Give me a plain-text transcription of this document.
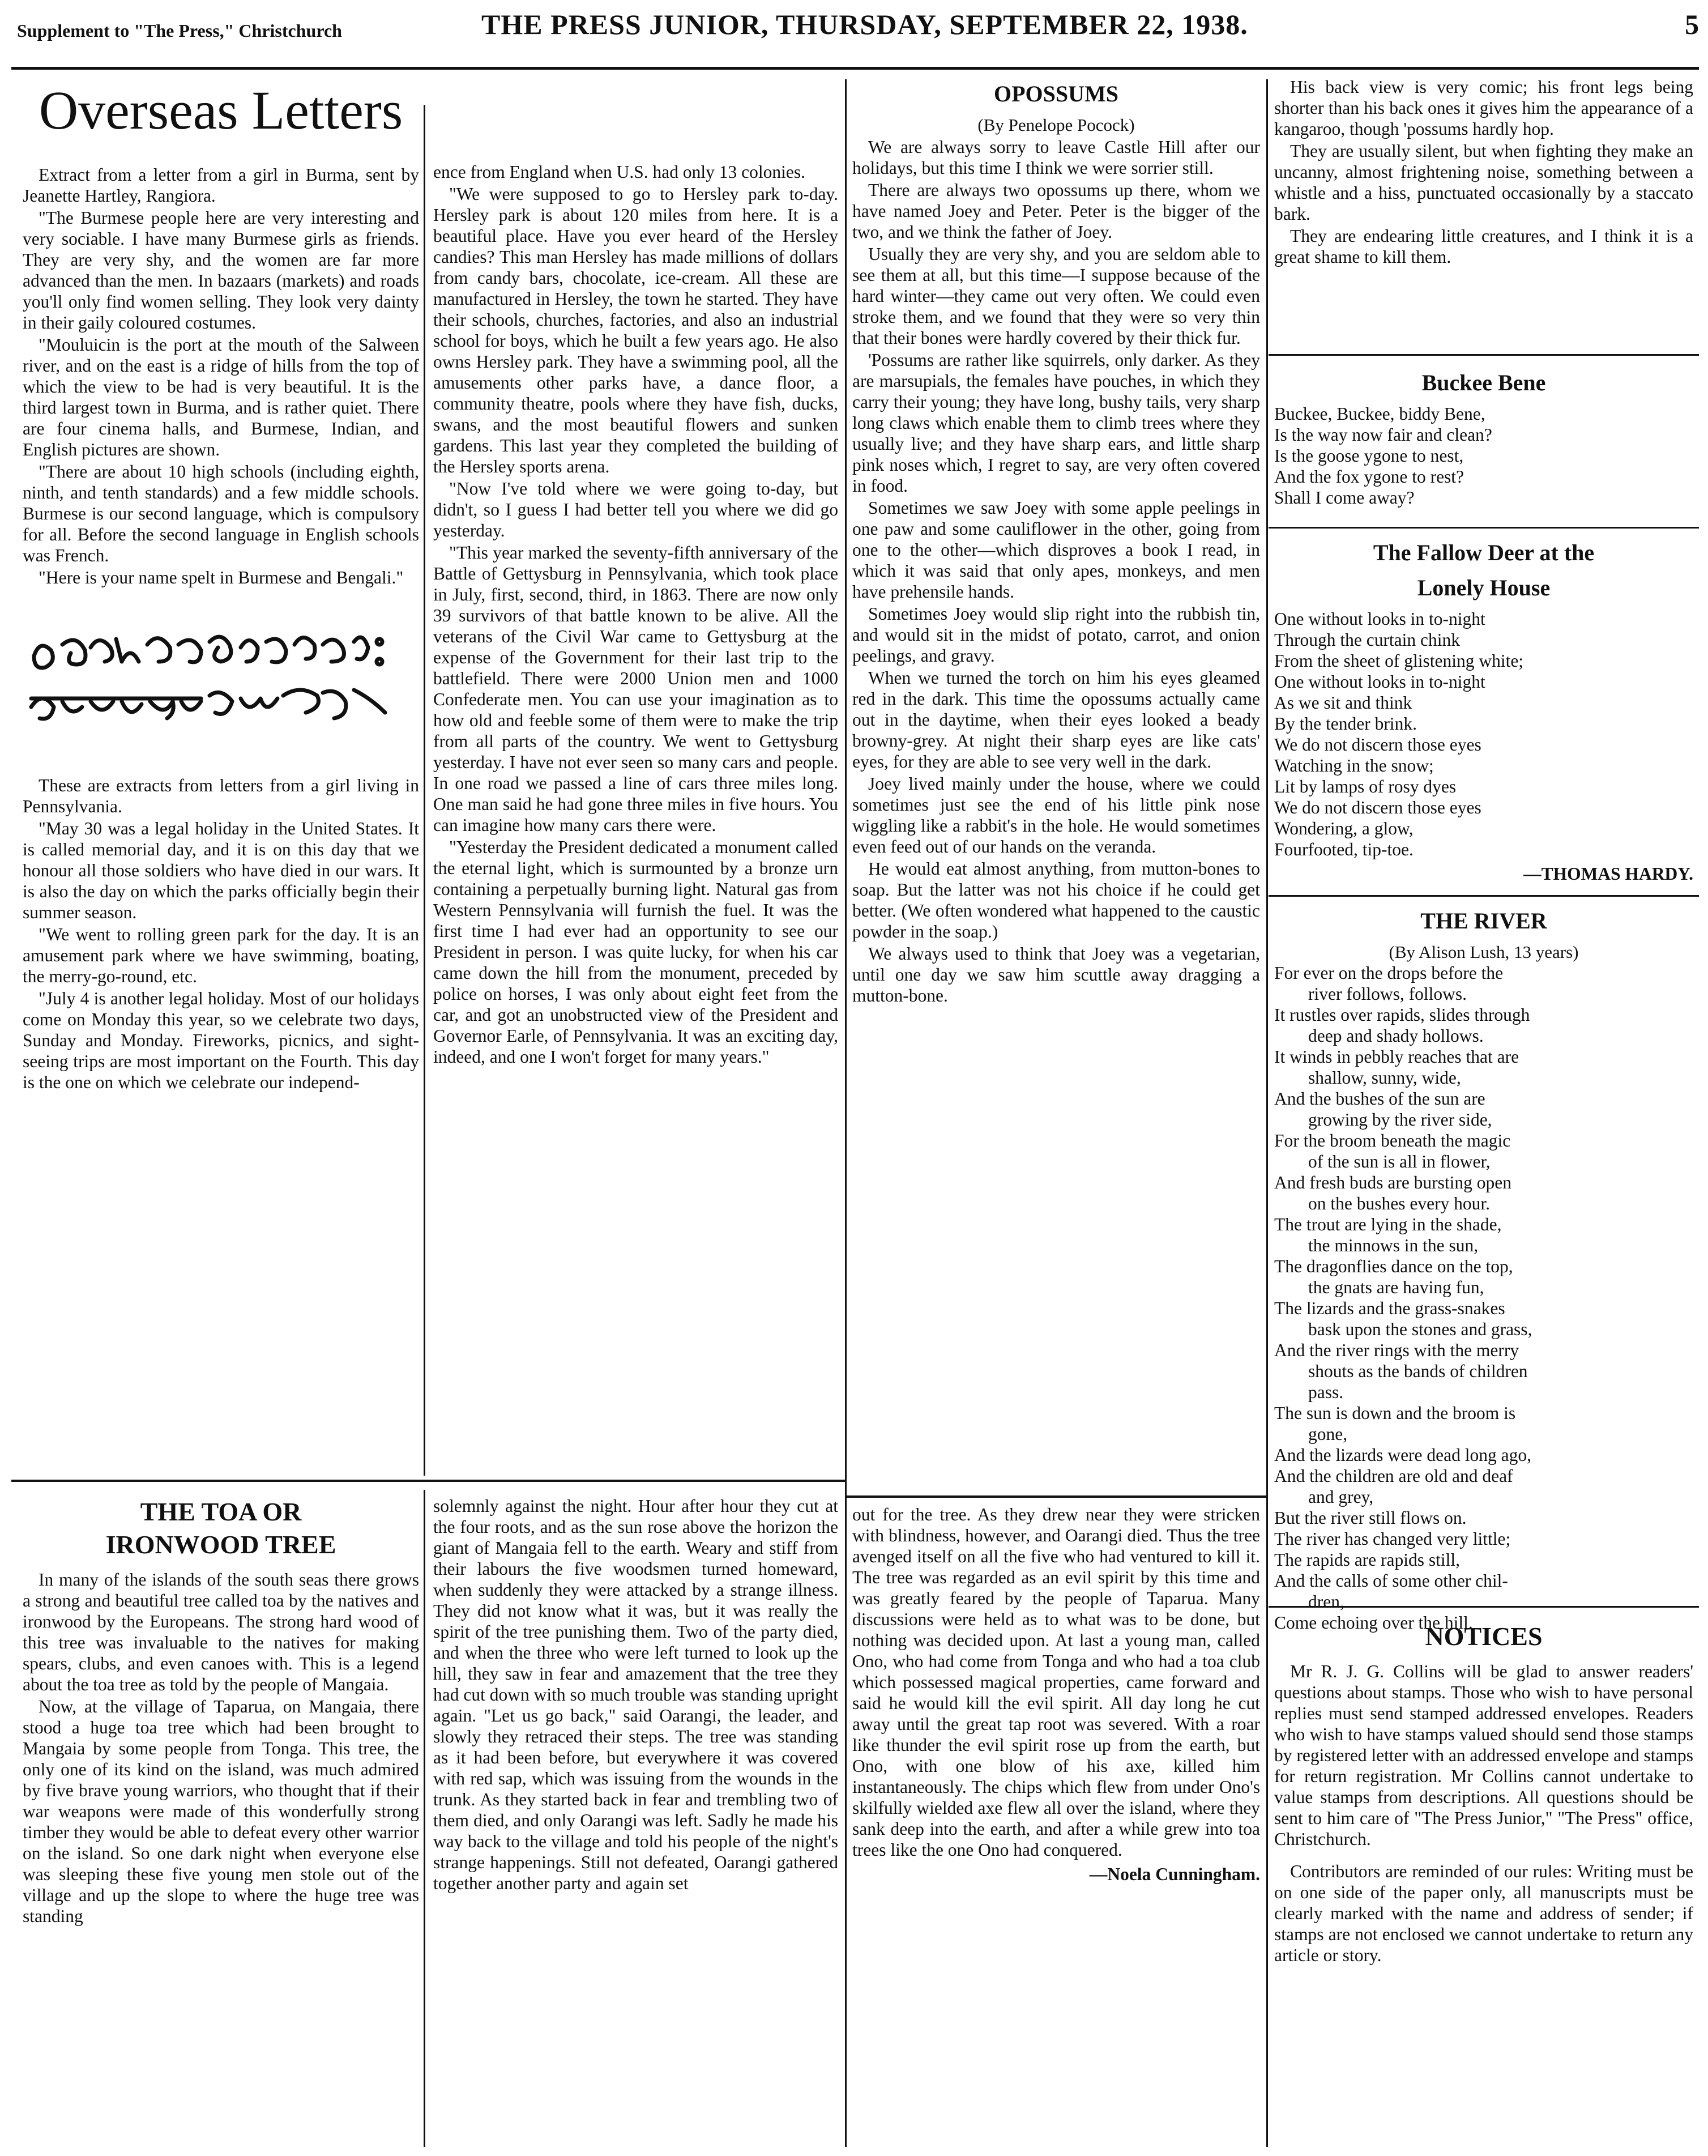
Supplement to "The Press," Christchurch	THE PRESS JUNIOR, THURSDAY, SEPTEMBER 22, 1938.	5
Overseas Letters

Extract from a letter from a girl in Burma, sent by Jeanette Hartley, Rangiora.

"The Burmese people here are very interesting and very sociable. I have many Burmese girls as friends. They are very shy, and the women are far more advanced than the men. In bazaars (markets) and roads you'll only find women selling. They look very dainty in their gaily coloured costumes.

"Mouluicin is the port at the mouth of the Salween river, and on the east is a ridge of hills from the top of which the view to be had is very beautiful. It is the third largest town in Burma, and is rather quiet. There are four cinema halls, and Burmese, Indian, and English pictures are shown.

"There are about 10 high schools (including eighth, ninth, and tenth standards) and a few middle schools. Burmese is our second language, which is compulsory for all. Before the second language in English schools was French.

"Here is your name spelt in Burmese and Bengali."

These are extracts from letters from a girl living in Pennsylvania.

"May 30 was a legal holiday in the United States. It is called memorial day, and it is on this day that we honour all those soldiers who have died in our wars. It is also the day on which the parks officially begin their summer season.

"We went to rolling green park for the day. It is an amusement park where we have swimming, boating, the merry-go-round, etc.

"July 4 is another legal holiday. Most of our holidays come on Monday this year, so we celebrate two days, Sunday and Monday. Fireworks, picnics, and sight-seeing trips are most important on the Fourth. This day is the one on which we celebrate our independ-

ence from England when U.S. had only 13 colonies.

"We were supposed to go to Hersley park to-day. Hersley park is about 120 miles from here. It is a beautiful place. Have you ever heard of the Hersley candies? This man Hersley has made millions of dollars from candy bars, chocolate, ice-cream. All these are manufactured in Hersley, the town he started. They have their schools, churches, factories, and also an industrial school for boys, which he built a few years ago. He also owns Hersley park. They have a swimming pool, all the amusements other parks have, a dance floor, a community theatre, pools where they have fish, ducks, swans, and the most beautiful flowers and sunken gardens. This last year they completed the building of the Hersley sports arena.

"Now I've told where we were going to-day, but didn't, so I guess I had better tell you where we did go yesterday.

"This year marked the seventy-fifth anniversary of the Battle of Gettysburg in Pennsylvania, which took place in July, first, second, third, in 1863. There are now only 39 survivors of that battle known to be alive. All the veterans of the Civil War came to Gettysburg at the expense of the Government for their last trip to the battlefield. There were 2000 Union men and 1000 Confederate men. You can use your imagination as to how old and feeble some of them were to make the trip from all parts of the country. We went to Gettysburg yesterday. I have not ever seen so many cars and people. In one road we passed a line of cars three miles long. One man said he had gone three miles in five hours. You can imagine how many cars there were.

"Yesterday the President dedicated a monument called the eternal light, which is surmounted by a bronze urn containing a perpetually burning light. Natural gas from Western Pennsylvania will furnish the fuel. It was the first time I had ever had an opportunity to see our President in person. I was quite lucky, for when his car came down the hill from the monument, preceded by police on horses, I was only about eight feet from the car, and got an unobstructed view of the President and Governor Earle, of Pennsylvania. It was an exciting day, indeed, and one I won't forget for many years."

OPOSSUMS

(By Penelope Pocock)

We are always sorry to leave Castle Hill after our holidays, but this time I think we were sorrier still.

There are always two opossums up there, whom we have named Joey and Peter. Peter is the bigger of the two, and we think the father of Joey.

Usually they are very shy, and you are seldom able to see them at all, but this time—I suppose because of the hard winter—they came out very often. We could even stroke them, and we found that they were so very thin that their bones were hardly covered by their thick fur.

'Possums are rather like squirrels, only darker. As they are marsupials, the females have pouches, in which they carry their young; they have long, bushy tails, very sharp long claws which enable them to climb trees where they usually live; and they have sharp ears, and little sharp pink noses which, I regret to say, are very often covered in food.

Sometimes we saw Joey with some apple peelings in one paw and some cauliflower in the other, going from one to the other—which disproves a book I read, in which it was said that only apes, monkeys, and men have prehensile hands.

Sometimes Joey would slip right into the rubbish tin, and would sit in the midst of potato, carrot, and onion peelings, and gravy.

When we turned the torch on him his eyes gleamed red in the dark. This time the opossums actually came out in the daytime, when their eyes looked a beady browny-grey. At night their sharp eyes are like cats' eyes, for they are able to see very well in the dark.

Joey lived mainly under the house, where we could sometimes just see the end of his little pink nose wiggling like a rabbit's in the hole. He would sometimes even feed out of our hands on the veranda.

He would eat almost anything, from mutton-bones to soap. But the latter was not his choice if he could get better. (We often wondered what happened to the caustic powder in the soap.)

We always used to think that Joey was a vegetarian, until one day we saw him scuttle away dragging a mutton-bone.

His back view is very comic; his front legs being shorter than his back ones it gives him the appearance of a kangaroo, though 'possums hardly hop.

They are usually silent, but when fighting they make an uncanny, almost frightening noise, something between a whistle and a hiss, punctuated occasionally by a staccato bark.

They are endearing little creatures, and I think it is a great shame to kill them.

Buckee Bene

Buckee, Buckee, biddy Bene,

Is the way now fair and clean?

Is the goose ygone to nest,

And the fox ygone to rest?

Shall I come away?

The Fallow Deer at the
Lonely House

One without looks in to-night

Through the curtain chink

From the sheet of glistening white;

One without looks in to-night

As we sit and think

By the tender brink.

We do not discern those eyes

Watching in the snow;

Lit by lamps of rosy dyes

We do not discern those eyes

Wondering, a glow,

Fourfooted, tip-toe.

—THOMAS HARDY.

THE RIVER

(By Alison Lush, 13 years)

For ever on the drops before the

river follows, follows.

It rustles over rapids, slides through

deep and shady hollows.

It winds in pebbly reaches that are

shallow, sunny, wide,

And the bushes of the sun are

growing by the river side,

For the broom beneath the magic

of the sun is all in flower,

And fresh buds are bursting open

on the bushes every hour.

The trout are lying in the shade,

the minnows in the sun,

The dragonflies dance on the top,

the gnats are having fun,

The lizards and the grass-snakes

bask upon the stones and grass,

And the river rings with the merry

shouts as the bands of children

pass.

The sun is down and the broom is

gone,

And the lizards were dead long ago,

And the children are old and deaf

and grey,

But the river still flows on.

The river has changed very little;

The rapids are rapids still,

And the calls of some other chil-

dren,

Come echoing over the hill.

NOTICES

Mr R. J. G. Collins will be glad to answer readers' questions about stamps. Those who wish to have personal replies must send stamped addressed envelopes. Readers who wish to have stamps valued should send those stamps by registered letter with an addressed envelope and stamps for return registration. Mr Collins cannot undertake to value stamps from descriptions. All questions should be sent to him care of "The Press Junior," "The Press" office, Christchurch.

Contributors are reminded of our rules: Writing must be on one side of the paper only, all manuscripts must be clearly marked with the name and address of sender; if stamps are not enclosed we cannot undertake to return any article or story.

THE TOA OR
IRONWOOD TREE

In many of the islands of the south seas there grows a strong and beautiful tree called toa by the natives and ironwood by the Europeans. The strong hard wood of this tree was invaluable to the natives for making spears, clubs, and even canoes with. This is a legend about the toa tree as told by the people of Mangaia.

Now, at the village of Taparua, on Mangaia, there stood a huge toa tree which had been brought to Mangaia by some people from Tonga. This tree, the only one of its kind on the island, was much admired by five brave young warriors, who thought that if their war weapons were made of this wonderfully strong timber they would be able to defeat every other warrior on the island. So one dark night when everyone else was sleeping these five young men stole out of the village and up the slope to where the huge tree was standing

solemnly against the night. Hour after hour they cut at the four roots, and as the sun rose above the horizon the giant of Mangaia fell to the earth. Weary and stiff from their labours the five woodsmen turned homeward, when suddenly they were attacked by a strange illness. They did not know what it was, but it was really the spirit of the tree punishing them. Two of the party died, and when the three who were left turned to look up the hill, they saw in fear and amazement that the tree they had cut down with so much trouble was standing upright again. "Let us go back," said Oarangi, the leader, and slowly they retraced their steps. The tree was standing as it had been before, but everywhere it was covered with red sap, which was issuing from the wounds in the trunk. As they started back in fear and trembling two of them died, and only Oarangi was left. Sadly he made his way back to the village and told his people of the night's strange happenings. Still not defeated, Oarangi gathered together another party and again set

out for the tree. As they drew near they were stricken with blindness, however, and Oarangi died. Thus the tree avenged itself on all the five who had ventured to kill it. The tree was regarded as an evil spirit by this time and was greatly feared by the people of Taparua. Many discussions were held as to what was to be done, but nothing was decided upon. At last a young man, called Ono, who had come from Tonga and who had a toa club which possessed magical properties, came forward and said he would kill the evil spirit. All day long he cut away until the great tap root was severed. With a roar like thunder the evil spirit rose up from the earth, but Ono, with one blow of his axe, killed him instantaneously. The chips which flew from under Ono's skilfully wielded axe flew all over the island, where they sank deep into the earth, and after a while grew into toa trees like the one Ono had conquered.

—Noela Cunningham.
